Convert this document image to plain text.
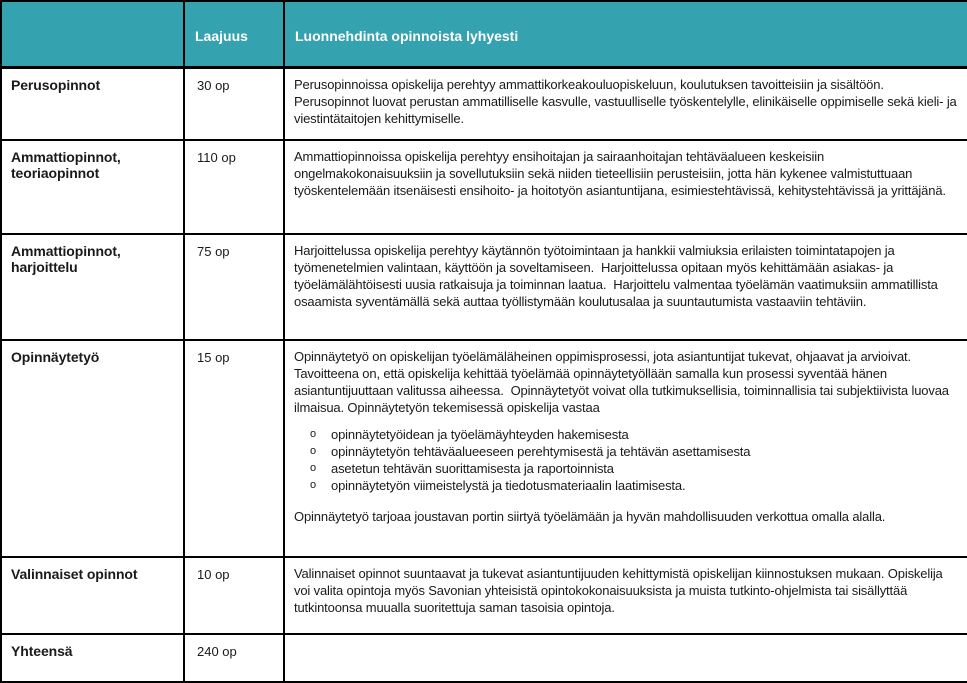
	Laajuus	Luonnehdinta opinnoista lyhyesti
Perusopinnot	30 op	Perusopinnoissa opiskelija perehtyy ammattikorkeakouluopiskeluun, koulutuksen tavoitteisiin ja sisältöön. Perusopinnot luovat perustan ammatilliselle kasvulle, vastuulliselle työskentelylle, elinikäiselle oppimiselle sekä kieli- ja viestintätaitojen kehittymiselle.

Ammattiopinnot, teoriaopinnot	110 op	Ammattiopinnoissa opiskelija perehtyy ensihoitajan ja sairaanhoitajan tehtäväalueen keskeisiin ongelmakokonaisuuksiin ja sovellutuksiin sekä niiden tieteellisiin perusteisiin, jotta hän kykenee valmistuttuaan työskentelemään itsenäisesti ensihoito- ja hoitotyön asiantuntijana, esimiestehtävissä, kehitystehtävissä ja yrittäjänä.

Ammattiopinnot, harjoittelu	75 op	Harjoittelussa opiskelija perehtyy käytännön työtoimintaan ja hankkii valmiuksia erilaisten toimintatapojen ja työmenetelmien valintaan, käyttöön ja soveltamiseen.  Harjoittelussa opitaan myös kehittämään asiakas- ja työelämälähtöisesti uusia ratkaisuja ja toiminnan laatua.  Harjoittelu valmentaa työelämän vaatimuksiin ammatillista osaamista syventämällä sekä auttaa työllistymään koulutusalaa ja suuntautumista vastaaviin tehtäviin.

Opinnäytetyö	15 op	Opinnäytetyö on opiskelijan työelämäläheinen oppimisprosessi, jota asiantuntijat tukevat, ohjaavat ja arvioivat. Tavoitteena on, että opiskelija kehittää työelämää opinnäytetyöllään samalla kun prosessi syventää hänen asiantuntijuuttaan valitussa aiheessa.  Opinnäytetyöt voivat olla tutkimuksellisia, toiminnallisia tai subjektiivista luovaa ilmaisua. Opinnäytetyön tekemisessä opiskelija vastaa

o	opinnäytetyöidean ja työelämäyhteyden hakemisesta
o	opinnäytetyön tehtäväalueeseen perehtymisestä ja tehtävän asettamisesta
o	asetetun tehtävän suorittamisesta ja raportoinnista
o	opinnäytetyön viimeistelystä ja tiedotusmateriaalin laatimisesta.

Opinnäytetyö tarjoaa joustavan portin siirtyä työelämään ja hyvän mahdollisuuden verkottua omalla alalla.

Valinnaiset opinnot	10 op	Valinnaiset opinnot suuntaavat ja tukevat asiantuntijuuden kehittymistä opiskelijan kiinnostuksen mukaan. Opiskelija voi valita opintoja myös Savonian yhteisistä opintokokonaisuuksista ja muista tutkinto-ohjelmista tai sisällyttää tutkintoonsa muualla suoritettuja saman tasoisia opintoja.

Yhteensä	240 op	
